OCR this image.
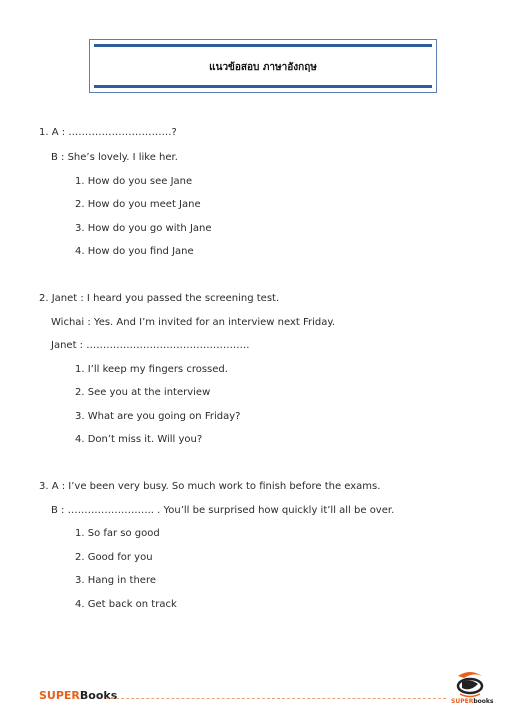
แนวข้อสอบ ภาษาอังกฤษ
1. A : ………………………….?
B : She’s lovely. I like her.
1. How do you see Jane
2. How do you meet Jane
3. How do you go with Jane
4. How do you find Jane
2. Janet : I heard you passed the screening test.
Wichai : Yes. And I’m invited for an interview next Friday.
Janet : ………………………………………….
1. I’ll keep my fingers crossed.
2. See you at the interview
3. What are you going on Friday?
4. Don’t miss it. Will you?
3. A : I’ve been very busy. So much work to finish before the exams.
B : …………………….. . You’ll be surprised how quickly it’ll all be over.
1. So far so good
2. Good for you
3. Hang in there
4. Get back on track
SUPERBooks	SUPERbooks
